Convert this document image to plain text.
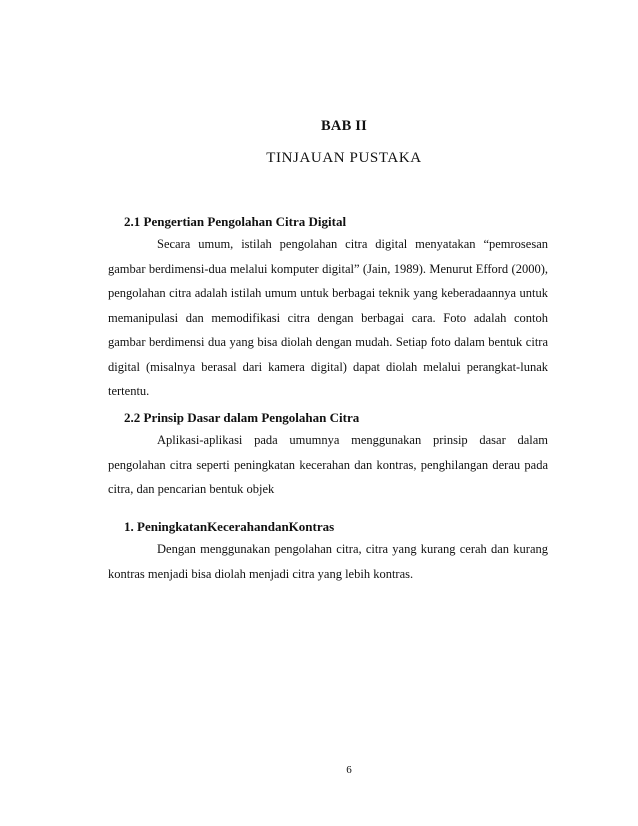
BAB II
TINJAUAN PUSTAKA
2.1 Pengertian Pengolahan Citra Digital

Secara umum, istilah pengolahan citra digital menyatakan “pemrosesan gambar berdimensi-dua melalui komputer digital” (Jain, 1989). Menurut Efford (2000), pengolahan citra adalah istilah umum untuk berbagai teknik yang keberadaannya untuk memanipulasi dan memodifikasi citra dengan berbagai cara. Foto adalah contoh gambar berdimensi dua yang bisa diolah dengan mudah. Setiap foto dalam bentuk citra digital (misalnya berasal dari kamera digital) dapat diolah melalui perangkat-lunak tertentu.

2.2 Prinsip Dasar dalam Pengolahan Citra

Aplikasi-aplikasi pada umumnya menggunakan prinsip dasar dalam pengolahan citra seperti peningkatan kecerahan dan kontras, penghilangan derau pada citra, dan pencarian bentuk objek

1. PeningkatanKecerahandanKontras

Dengan menggunakan pengolahan citra, citra yang kurang cerah dan kurang kontras menjadi bisa diolah menjadi citra yang lebih kontras.

6
